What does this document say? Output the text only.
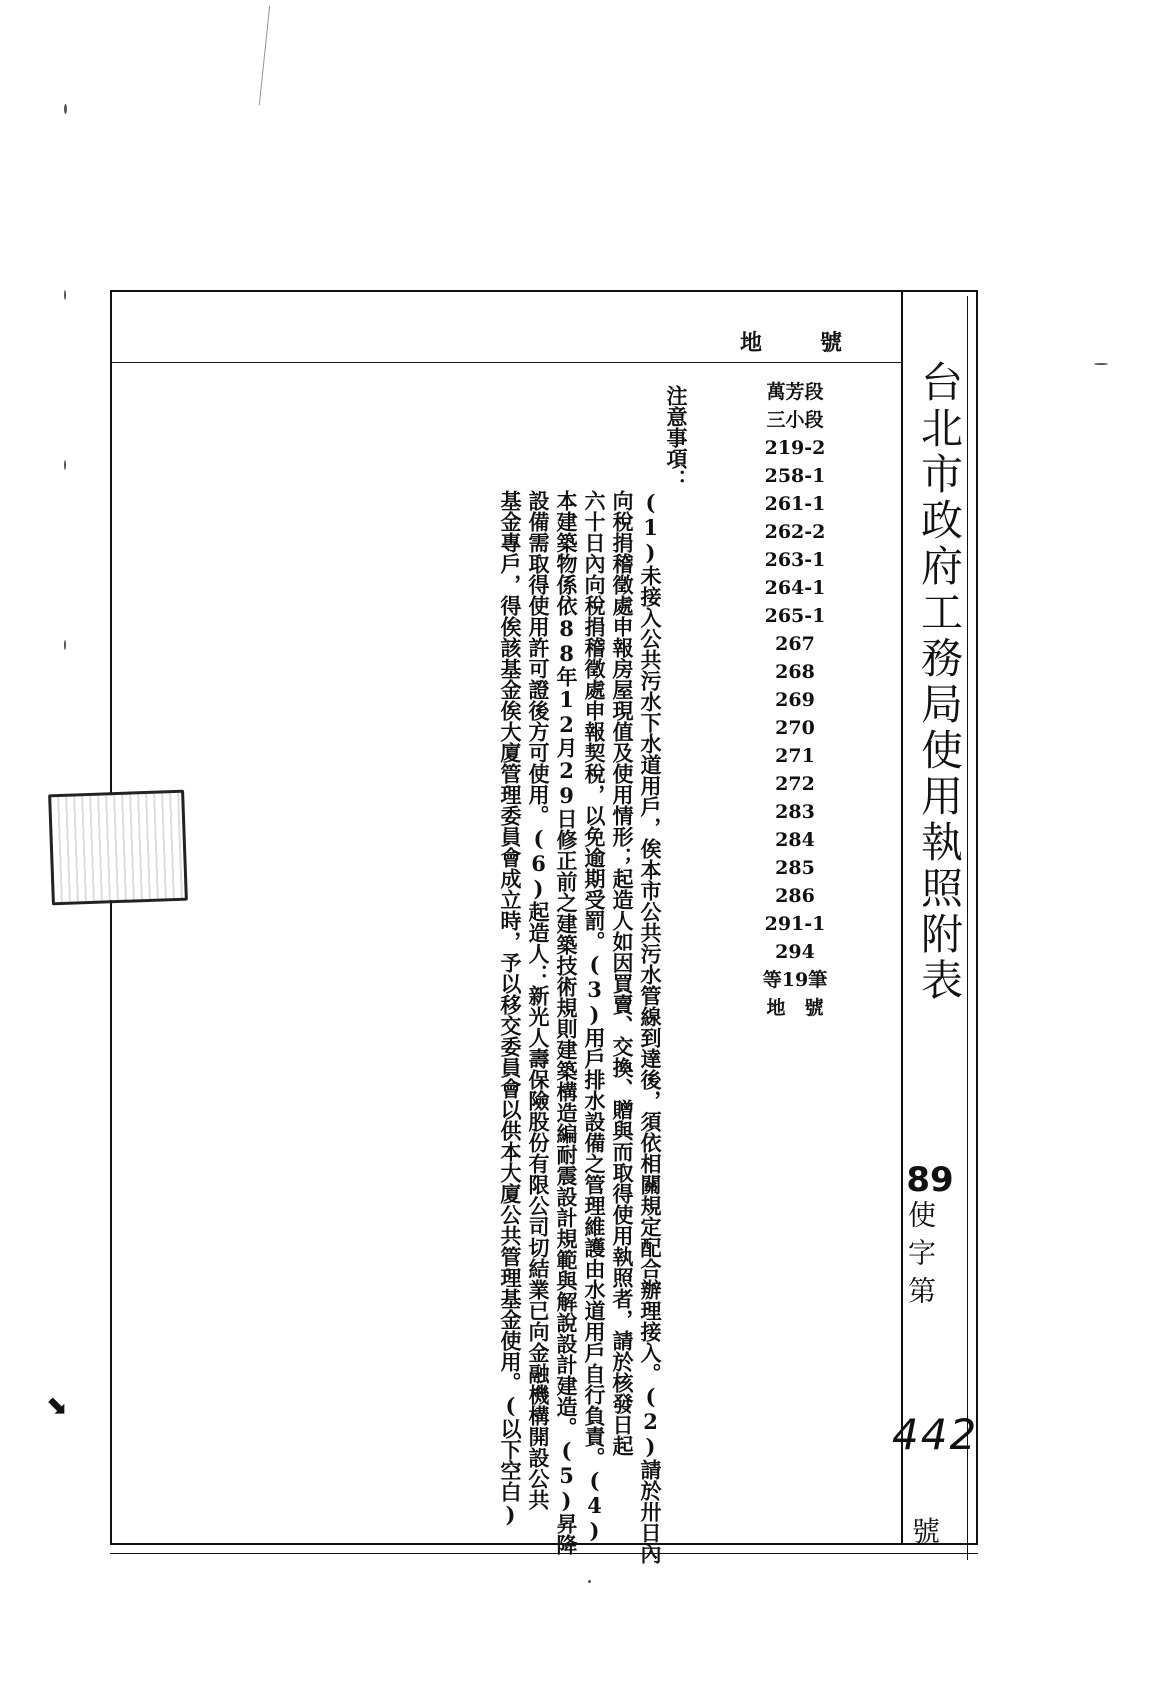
⬊
地　號
台北市政府工務局使用執照附表
89
使字第
442
號
萬芳段
三小段
219-2
258-1
261-1
262-2
263-1
264-1
265-1
267
268
269
270
271
272
283
284
285
286
291-1
294
等19筆
地　號
注意事項：
(1)未接入公共污水下水道用戶，俟本市公共污水管線到達後，須依相關規定配合辦理接入。(2)請於卅日內
向稅捐稽徵處申報房屋現值及使用情形；起造人如因買賣、交換、贈與而取得使用執照者，請於核發日起
六十日內向稅捐稽徵處申報契稅，以免逾期受罰。(3)用戶排水設備之管理維護由水道用戶自行負責。(4)
本建築物係依88年12月29日修正前之建築技術規則建築構造編耐震設計規範與解說設計建造。(5)昇降
設備需取得使用許可證後方可使用。(6)起造人：新光人壽保險股份有限公司切結業已向金融機構開設公共
基金專戶，得俟該基金俟大廈管理委員會成立時，予以移交委員會以供本大廈公共管理基金使用。(以下空白)
